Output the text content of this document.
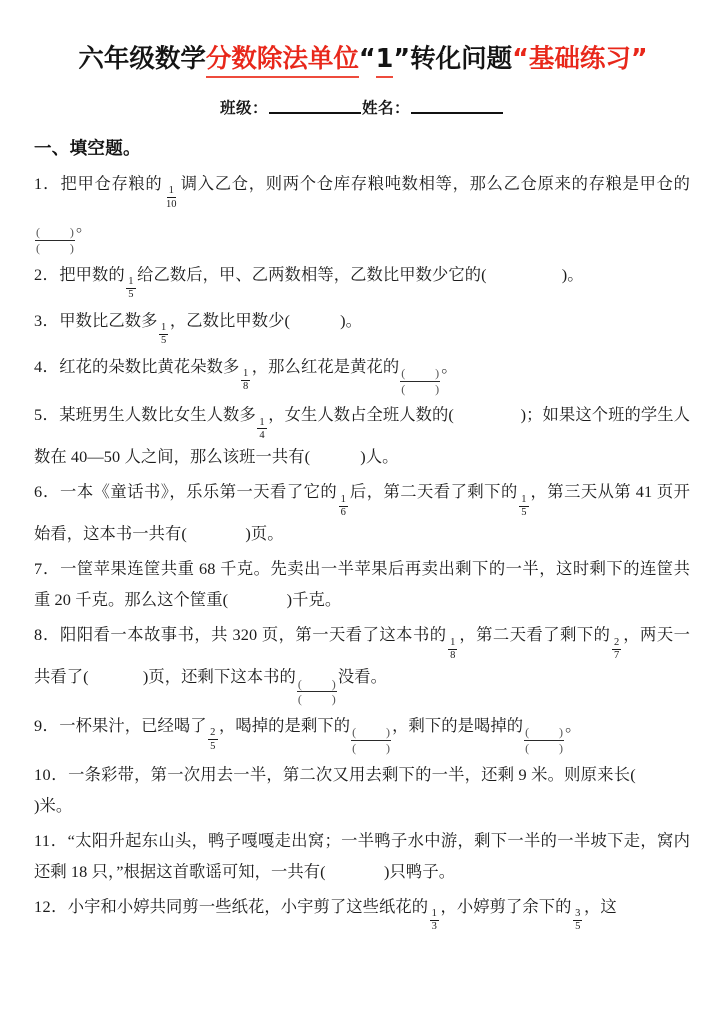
六年级数学分数除法单位“1”转化问题“基础练习”
班级：	姓名：
一、填空题。

1．把甲仓存粮的
$\frac{1}{10}$
调入乙仓，则两个仓库存粮吨数相等，那么乙仓原来的存粮是甲仓的
( )
( )
。

2．把甲数的
$\frac{1}{5}$
给乙数后，甲、乙两数相等，乙数比甲数少它的(	)。

3．甲数比乙数多
$\frac{1}{5}$
，乙数比甲数少(	)。

4．红花的朵数比黄花朵数多
$\frac{1}{8}$
，那么红花是黄花的 ( )
( )
。

5．某班男生人数比女生人数多
$\frac{1}{4}$
，女生人数占全班人数的(	)；如果这个班的学生人数在 40—50 人之间，那么该班一共有(	)人。

6．一本《童话书》，乐乐第一天看了它的
$\frac{1}{6}$
后，第二天看了剩下的
$\frac{1}{5}$
，第三天从第 41 页开始看，这本书一共有(	)页。

7．一筐苹果连筐共重 68 千克。先卖出一半苹果后再卖出剩下的一半，这时剩下的连筐共重 20 千克。那么这个筐重(	)千克。

8．阳阳看一本故事书，共 320 页，第一天看了这本书的
$\frac{1}{8}$
，第二天看了剩下的
$\frac{2}{7}$
，两天一共看了(	)页，还剩下这本书的 ( )
( )
没看。

9．一杯果汁，已经喝了
$\frac{2}{5}$
，喝掉的是剩下的 ( )
( )
，剩下的是喝掉的 ( )
( )
。

10．一条彩带，第一次用去一半，第二次又用去剩下的一半，还剩 9 米。则原来长(             )米。

11．“太阳升起东山头，鸭子嘎嘎走出窝；一半鸭子水中游，剩下一半的一半坡下走，窝内还剩 18 只，”根据这首歌谣可知，一共有(	)只鸭子。

12．小宇和小婷共同剪一些纸花，小宇剪了这些纸花的
$\frac{1}{3}$
，小婷剪了余下的
$\frac{3}{5}$
，这
